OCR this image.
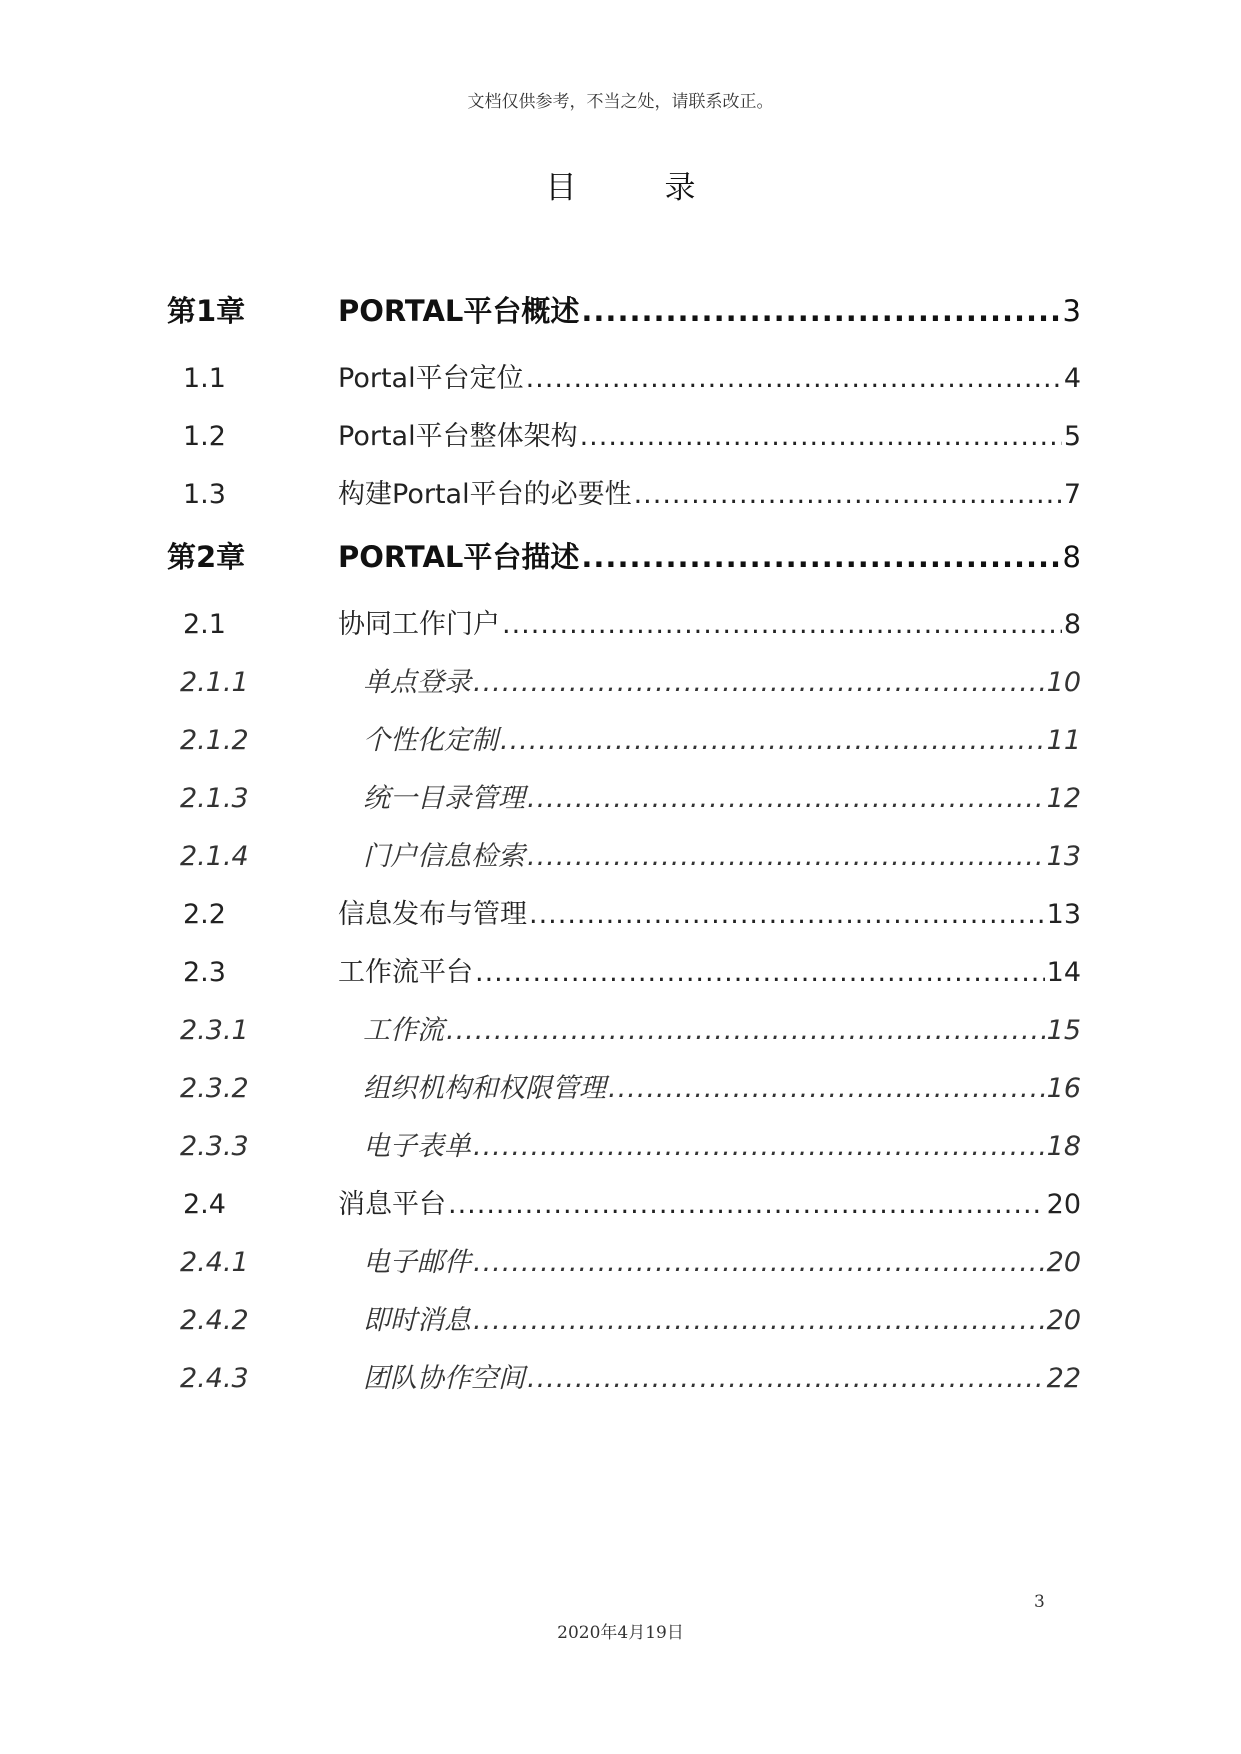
文档仅供参考，不当之处，请联系改正。
目录
第1章	PORTAL平台概述 .....	3
1.1	Portal平台定位 .....	4
1.2	Portal平台整体架构 .....	5
1.3	构建Portal平台的必要性 .....	7
第2章	PORTAL平台描述 .....	8
2.1	协同工作门户 .....	8
2.1.1	单点登录 .....	10
2.1.2	个性化定制 .....	11
2.1.3	统一目录管理 .....	12
2.1.4	门户信息检索 .....	13
2.2	信息发布与管理 .....	13
2.3	工作流平台 .....	14
2.3.1	工作流 .....	15
2.3.2	组织机构和权限管理 .....	16
2.3.3	电子表单 .....	18
2.4	消息平台 .....	20
2.4.1	电子邮件 .....	20
2.4.2	即时消息 .....	20
2.4.3	团队协作空间 .....	22
3
2020年4月19日
